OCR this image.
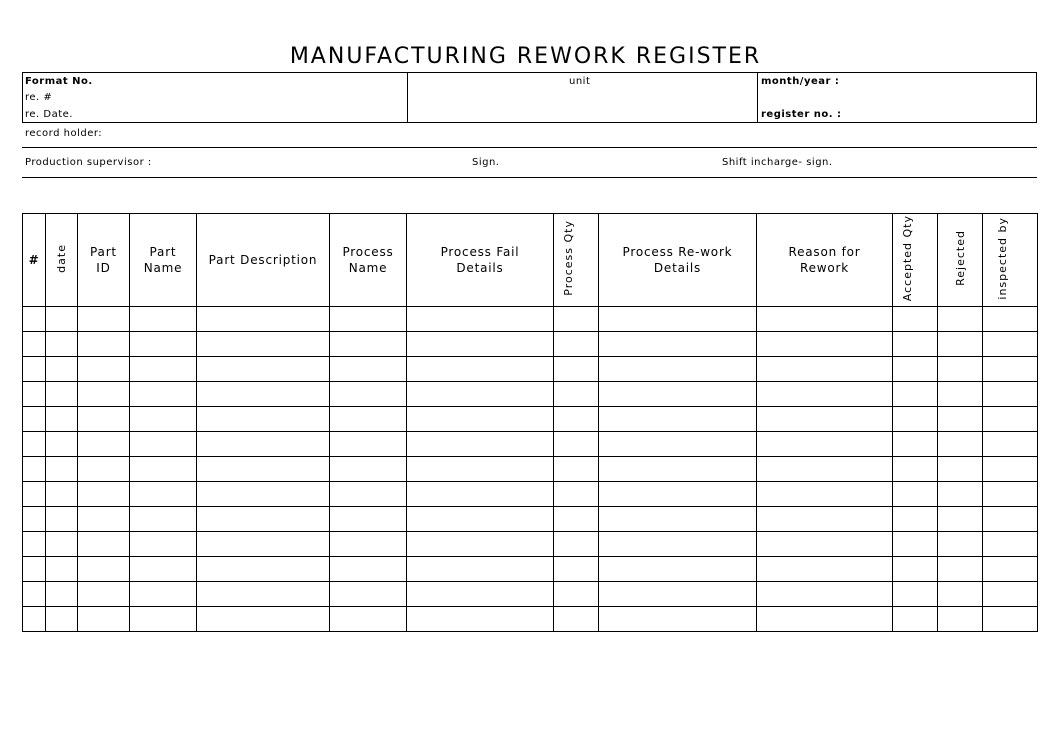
MANUFACTURING REWORK REGISTER
Format No.
re. #
re. Date.
unit	month/year :
register no. :
record holder:
Production supervisor :	Sign.	Shift incharge- sign.
#	date	Part ID	Part Name	Part Description	Process Name	Process Fail Details	Process Qty	Process Re-work Details	Reason for Rework	Accepted Qty	Rejected	inspected by
